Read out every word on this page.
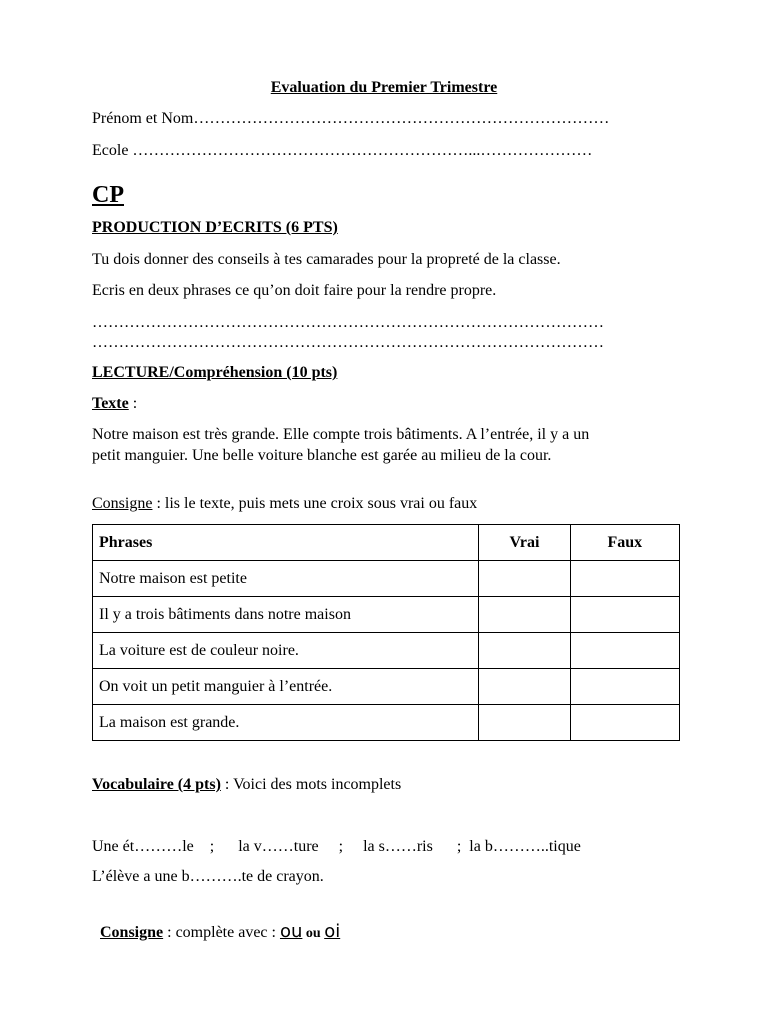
Evaluation du Premier Trimestre
Prénom et Nom……………………………………………………………………
Ecole ………………………………………………………...…………………
CP
PRODUCTION D’ECRITS (6 PTS)
Tu dois donner des conseils à tes camarades pour la propreté de la classe.
Ecris en deux phrases ce qu’on doit faire pour la rendre propre.
……………………………………………………………………………………
……………………………………………………………………………………
LECTURE/Compréhension (10 pts)
Texte :
Notre maison est très grande. Elle compte trois bâtiments. A l’entrée, il y a un
petit manguier. Une belle voiture blanche est garée au milieu de la cour.
Consigne : lis le texte, puis mets une croix sous vrai ou faux
Phrases	Vrai	Faux
Notre maison est petite		
Il y a trois bâtiments dans notre maison		
La voiture est de couleur noire.		
On voit un petit manguier à l’entrée.		
La maison est grande.		
Vocabulaire (4 pts) : Voici des mots incomplets
Une ét………le    ;      la v……ture     ;     la s……ris      ;  la b………..tique
L’élève a une b……….te de crayon.

Consigne : complète avec : ou ou oi
